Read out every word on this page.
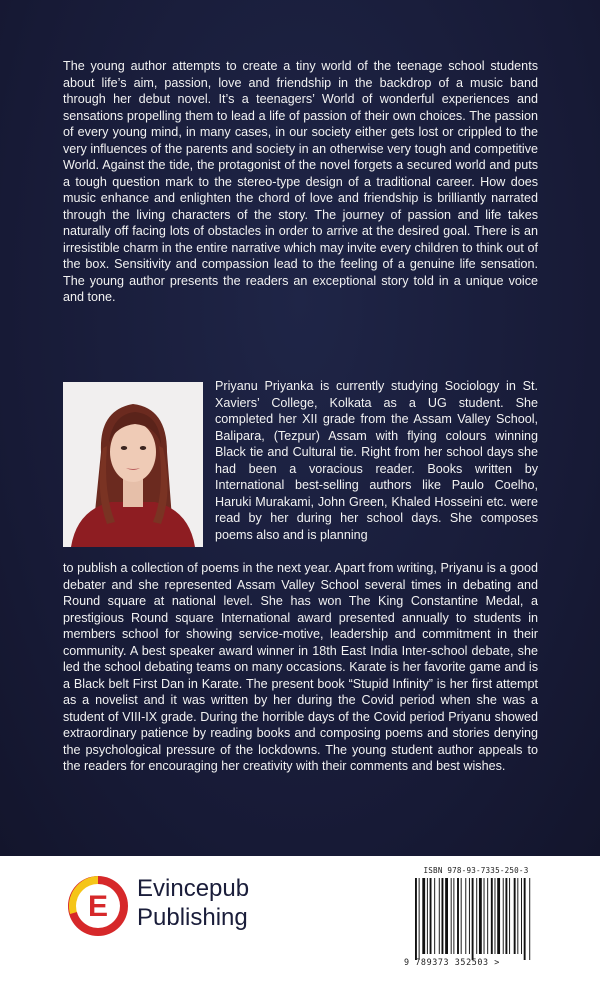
The young author attempts to create a tiny world of the teenage school students about life’s aim, passion, love and friendship in the backdrop of a music band through her debut novel. It’s a teenagers’ World of wonderful experiences and sensations propelling them to lead a life of passion of their own choices. The passion of every young mind, in many cases, in our society either gets lost or crippled to the very influences of the parents and society in an otherwise very tough and competitive World. Against the tide, the protagonist of the novel forgets a secured world and puts a tough question mark to the stereo-type design of a traditional career. How does music enhance and enlighten the chord of love and friendship is brilliantly narrated through the living characters of the story. The journey of passion and life takes naturally off facing lots of obstacles in order to arrive at the desired goal. There is an irresistible charm in the entire narrative which may invite every children to think out of the box. Sensitivity and compassion lead to the feeling of a genuine life sensation. The young author presents the readers an exceptional story told in a unique voice and tone.

Priyanu Priyanka is currently studying Sociology in St. Xaviers’ College, Kolkata as a UG student. She completed her XII grade from the Assam Valley School, Balipara, (Tezpur) Assam with flying colours winning Black tie and Cultural tie. Right from her school days she had been a voracious reader. Books written by International best-selling authors like Paulo Coelho, Haruki Murakami, John Green, Khaled Hosseini etc. were read by her during her school days. She composes poems also and is planning

to publish a collection of poems in the next year. Apart from writing, Priyanu is a good debater and she represented Assam Valley School several times in debating and Round square at national level. She has won The King Constantine Medal, a prestigious Round square International award presented annually to students in members school for showing service-motive, leadership and commitment in their community. A best speaker award winner in 18th East India Inter-school debate, she led the school debating teams on many occasions. Karate is her favorite game and is a Black belt First Dan in Karate. The present book “Stupid Infinity” is her first attempt as a novelist and it was written by her during the Covid period when she was a student of VIII-IX grade. During the horrible days of the Covid period Priyanu showed extraordinary patience by reading books and composing poems and stories denying the psychological pressure of the lockdowns. The young student author appeals to the readers for encouraging her creativity with their comments and best wishes.

E
Evincepub
Publishing
ISBN 978-93-7335-250-3
9 789373 352503 >
